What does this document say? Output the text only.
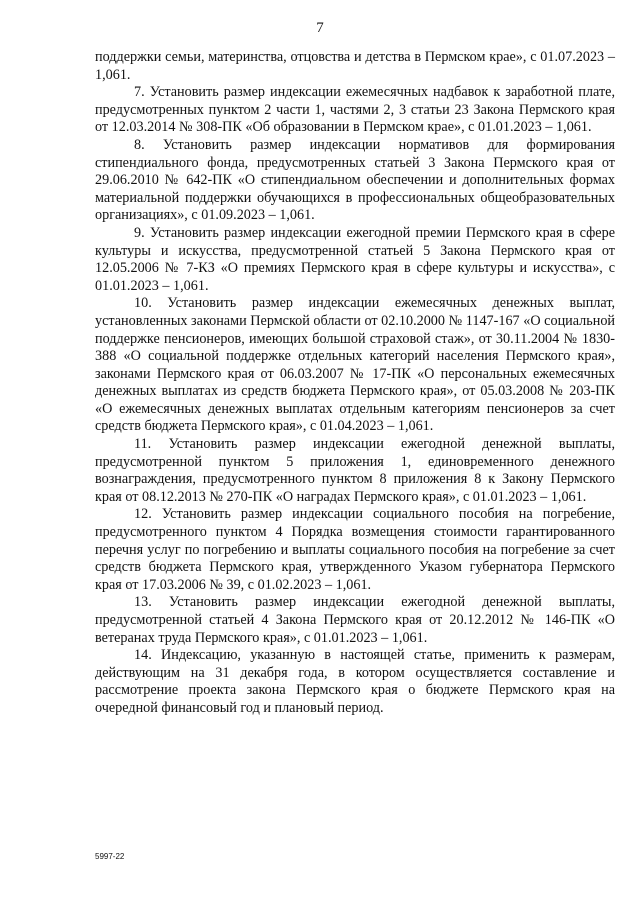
7

поддержки семьи, материнства, отцовства и детства в Пермском крае», с 01.07.2023 – 1,061.

7. Установить размер индексации ежемесячных надбавок к заработной плате, предусмотренных пунктом 2 части 1, частями 2, 3 статьи 23 Закона Пермского края от 12.03.2014 № 308-ПК «Об образовании в Пермском крае», с 01.01.2023 – 1,061.

8. Установить размер индексации нормативов для формирования стипендиального фонда, предусмотренных статьей 3 Закона Пермского края от 29.06.2010 № 642-ПК «О стипендиальном обеспечении и дополнительных формах материальной поддержки обучающихся в профессиональных общеобразовательных организациях», с 01.09.2023 – 1,061.

9. Установить размер индексации ежегодной премии Пермского края в сфере культуры и искусства, предусмотренной статьей 5 Закона Пермского края от 12.05.2006 № 7-КЗ «О премиях Пермского края в сфере культуры и искусства», с 01.01.2023 – 1,061.

10. Установить размер индексации ежемесячных денежных выплат, установленных законами Пермской области от 02.10.2000 № 1147-167 «О социальной поддержке пенсионеров, имеющих большой страховой стаж», от 30.11.2004 № 1830-388 «О социальной поддержке отдельных категорий населения Пермского края», законами Пермского края от 06.03.2007 № 17-ПК «О персональных ежемесячных денежных выплатах из средств бюджета Пермского края», от 05.03.2008 № 203-ПК «О ежемесячных денежных выплатах отдельным категориям пенсионеров за счет средств бюджета Пермского края», с 01.04.2023 – 1,061.

11. Установить размер индексации ежегодной денежной выплаты, предусмотренной пунктом 5 приложения 1, единовременного денежного вознаграждения, предусмотренного пунктом 8 приложения 8 к Закону Пермского края от 08.12.2013 № 270-ПК «О наградах Пермского края», с 01.01.2023 – 1,061.

12. Установить размер индексации социального пособия на погребение, предусмотренного пунктом 4 Порядка возмещения стоимости гарантированного перечня услуг по погребению и выплаты социального пособия на погребение за счет средств бюджета Пермского края, утвержденного Указом губернатора Пермского края от 17.03.2006 № 39, с 01.02.2023 – 1,061.

13. Установить размер индексации ежегодной денежной выплаты, предусмотренной статьей 4 Закона Пермского края от 20.12.2012 № 146-ПК «О ветеранах труда Пермского края», с 01.01.2023 – 1,061.

14. Индексацию, указанную в настоящей статье, применить к размерам, действующим на 31 декабря года, в котором осуществляется составление и рассмотрение проекта закона Пермского края о бюджете Пермского края на очередной финансовый год и плановый период.

5997-22
